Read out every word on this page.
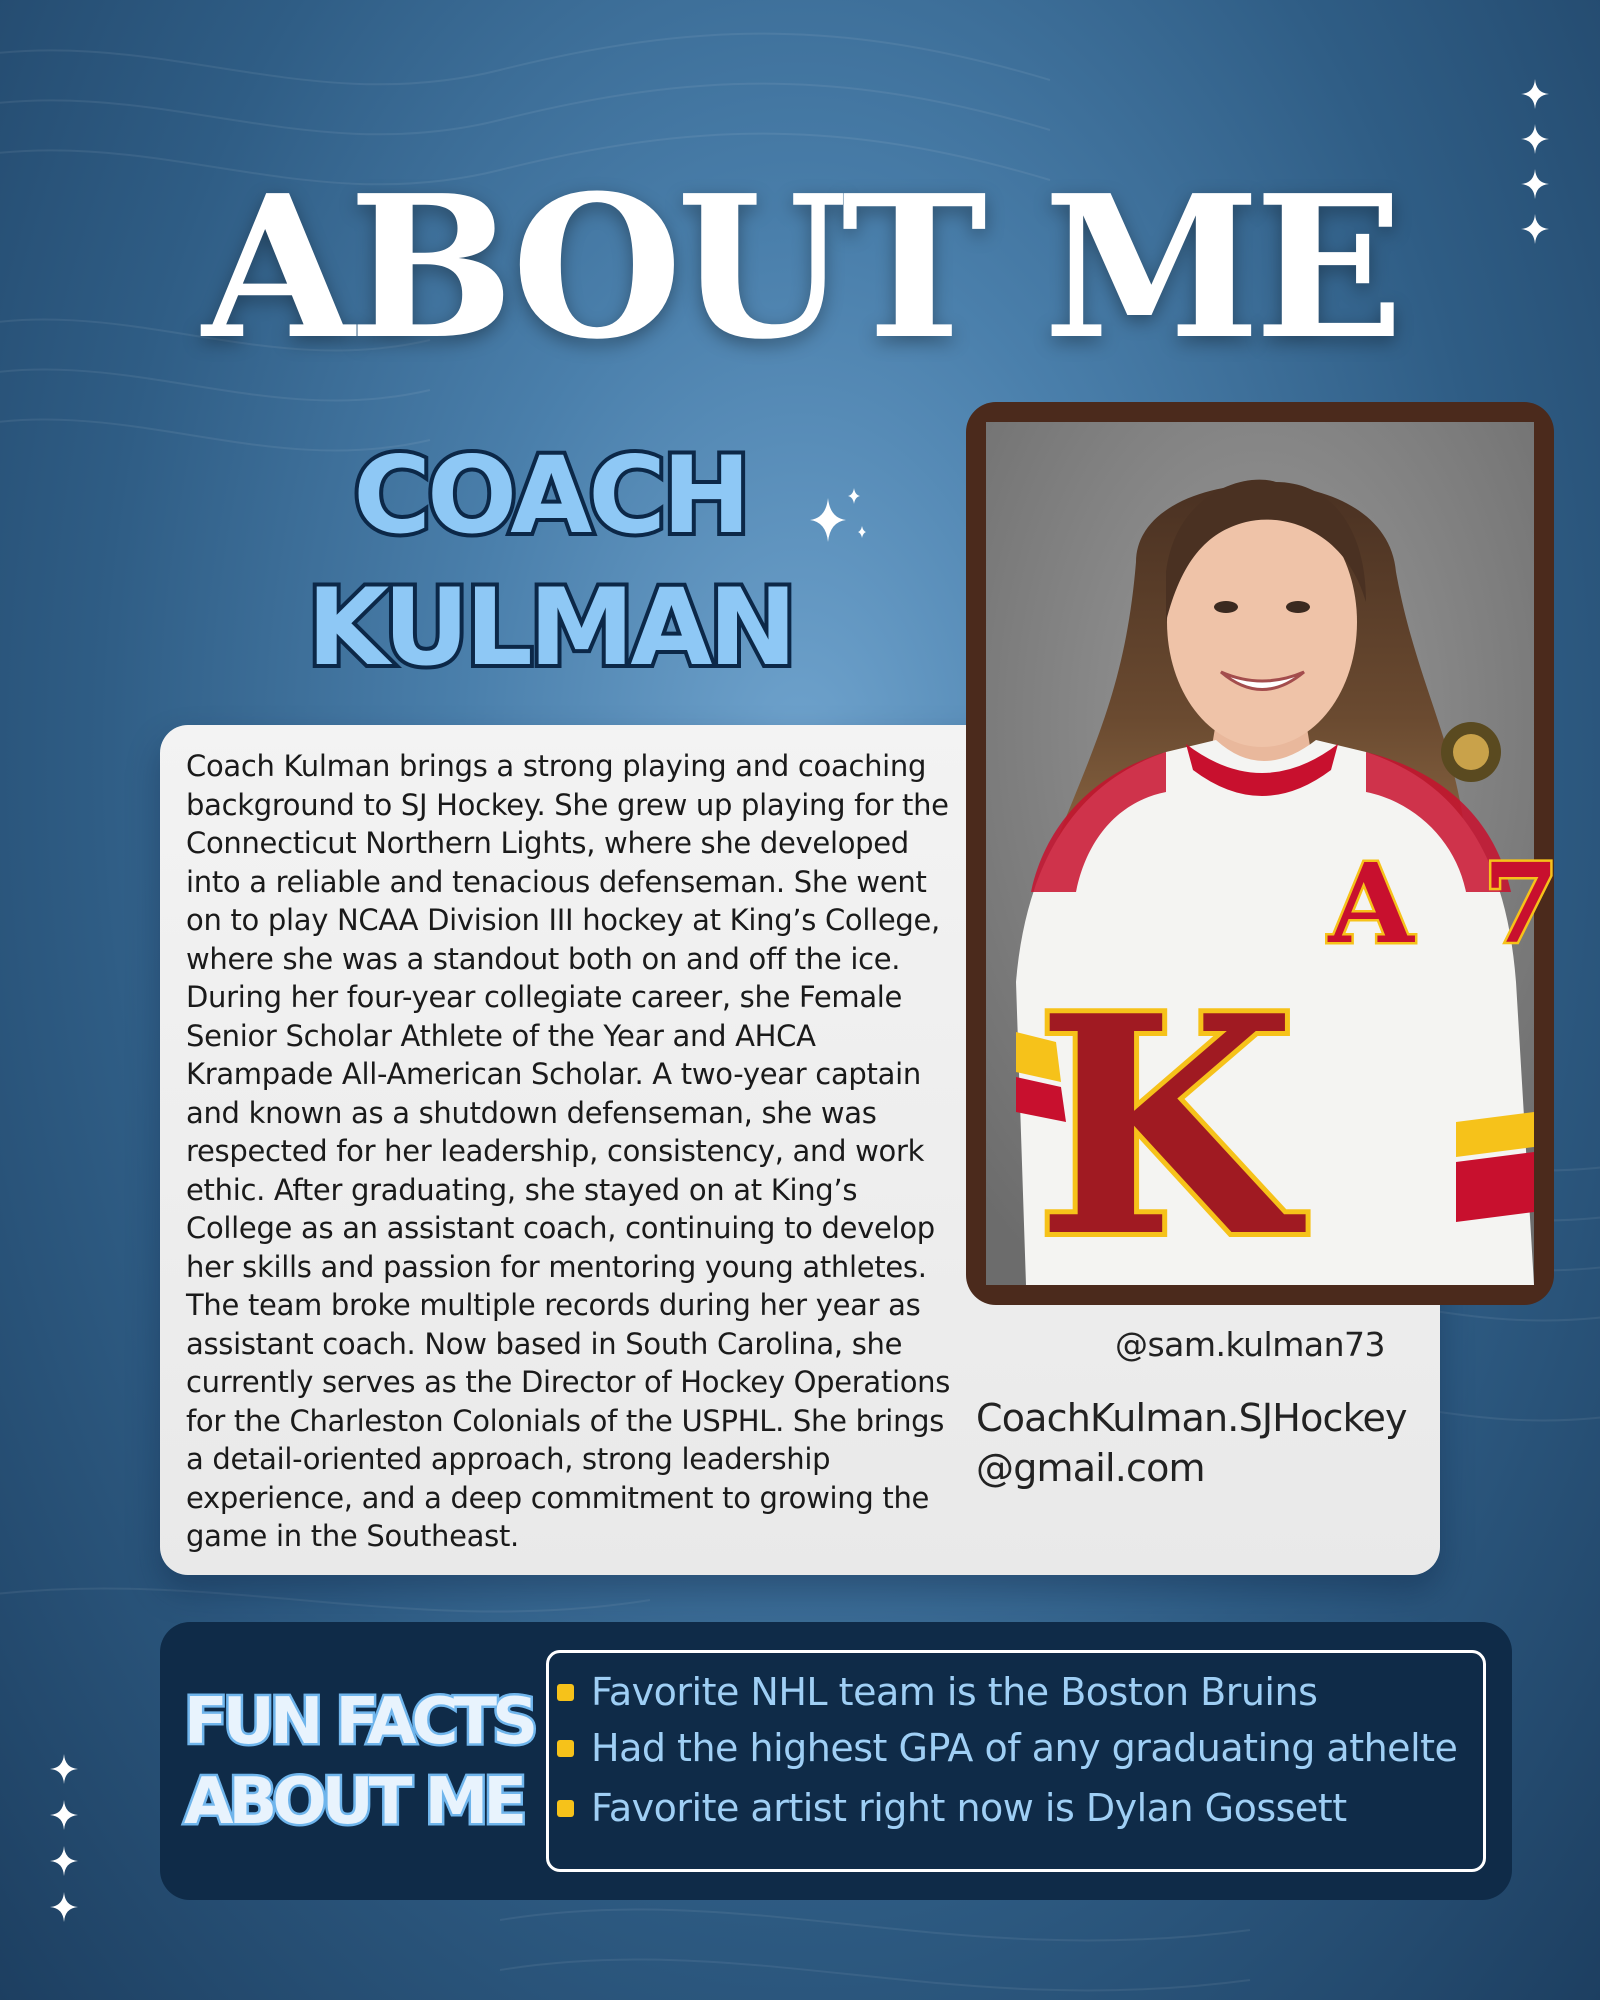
ABOUT ME
COACH KULMAN
Coach Kulman brings a strong playing and coaching background to SJ Hockey. She grew up playing for the Connecticut Northern Lights, where she developed into a reliable and tenacious defenseman. She went on to play NCAA Division III hockey at King’s College, where she was a standout both on and off the ice. During her four-year collegiate career, she Female Senior Scholar Athlete of the Year and AHCA Krampade All-American Scholar. A two-year captain and known as a shutdown defenseman, she was respected for her leadership, consistency, and work ethic. After graduating, she stayed on at King’s College as an assistant coach, continuing to develop her skills and passion for mentoring young athletes. The team broke multiple records during her year as assistant coach. Now based in South Carolina, she currently serves as the Director of Hockey Operations for the Charleston Colonials of the USPHL. She brings a detail-oriented approach, strong leadership experience, and a deep commitment to growing the game in the Southeast.
@sam.kulman73
CoachKulman.SJHockey @gmail.com
K
A 7
FUN FACTS ABOUT ME
Favorite NHL team is the Boston Bruins
Had the highest GPA of any graduating athelte
Favorite artist right now is Dylan Gossett
